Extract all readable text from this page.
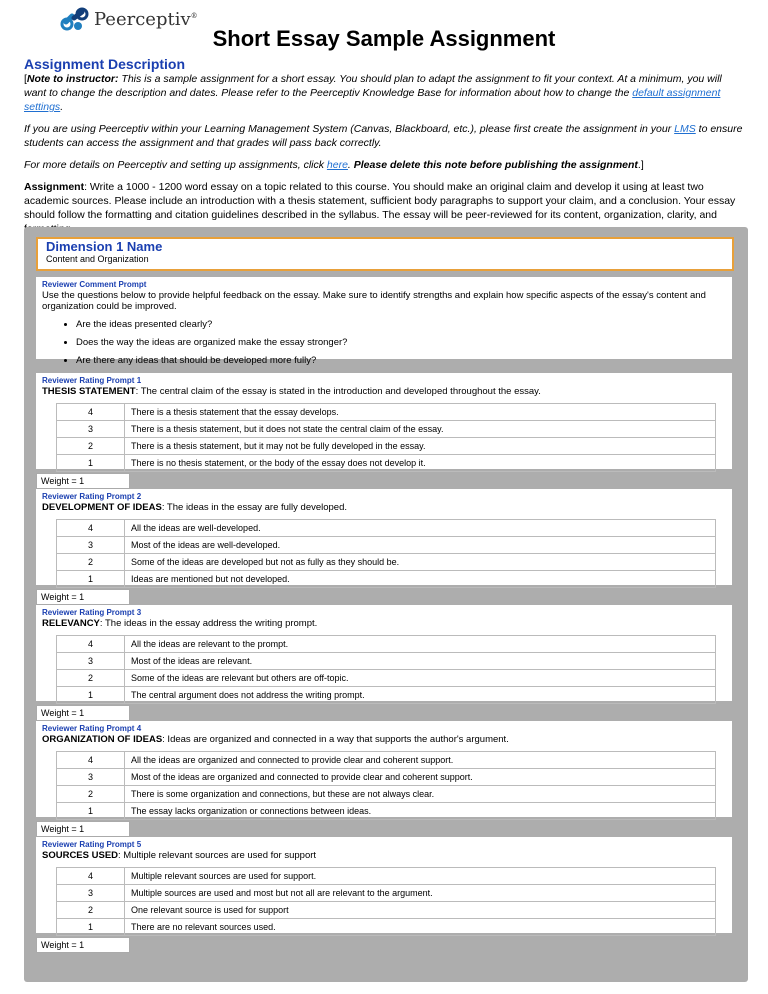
Peerceptiv®
Short Essay Sample Assignment
Assignment Description

[Note to instructor: This is a sample assignment for a short essay. You should plan to adapt the assignment to fit your context. At a minimum, you will want to change the description and dates. Please refer to the Peerceptiv Knowledge Base for information about how to change the default assignment settings.

If you are using Peerceptiv within your Learning Management System (Canvas, Blackboard, etc.), please first create the assignment in your LMS to ensure students can access the assignment and that grades will pass back correctly.

For more details on Peerceptiv and setting up assignments, click here. Please delete this note before publishing the assignment.]

Assignment: Write a 1000 - 1200 word essay on a topic related to this course. You should make an original claim and develop it using at least two academic sources. Please include an introduction with a thesis statement, sufficient body paragraphs to support your claim, and a conclusion. Your essay should follow the formatting and citation guidelines described in the syllabus. The essay will be peer-reviewed for its content, organization, clarity, and

Dimension 1 Name
Content and Organization
Reviewer Comment Prompt
Use the questions below to provide helpful feedback on the essay. Make sure to identify strengths and explain how specific aspects of the essay's content and organization could be improved.
• Are the ideas presented clearly?
• Does the way the ideas are organized make the essay stronger?
• Are there any ideas that should be developed more fully?
Reviewer Rating Prompt 1
THESIS STATEMENT: The central claim of the essay is stated in the introduction and developed throughout the essay.
4	There is a thesis statement that the essay develops.
3	There is a thesis statement, but it does not state the central claim of the essay.
2	There is a thesis statement, but it may not be fully developed in the essay.
1	There is no thesis statement, or the body of the essay does not develop it.
Weight = 1
Reviewer Rating Prompt 2
DEVELOPMENT OF IDEAS: The ideas in the essay are fully developed.
4	All the ideas are well-developed.
3	Most of the ideas are well-developed.
2	Some of the ideas are developed but not as fully as they should be.
1	Ideas are mentioned but not developed.
Weight = 1
Reviewer Rating Prompt 3
RELEVANCY: The ideas in the essay address the writing prompt.
4	All the ideas are relevant to the prompt.
3	Most of the ideas are relevant.
2	Some of the ideas are relevant but others are off-topic.
1	The central argument does not address the writing prompt.
Weight = 1
Reviewer Rating Prompt 4
ORGANIZATION OF IDEAS: Ideas are organized and connected in a way that supports the author's argument.
4	All the ideas are organized and connected to provide clear and coherent support.
3	Most of the ideas are organized and connected to provide clear and coherent support.
2	There is some organization and connections, but these are not always clear.
1	The essay lacks organization or connections between ideas.
Weight = 1
Reviewer Rating Prompt 5
SOURCES USED: Multiple relevant sources are used for support
4	Multiple relevant sources are used for support.
3	Multiple sources are used and most but not all are relevant to the argument.
2	One relevant source is used for support
1	There are no relevant sources used.
Weight = 1
